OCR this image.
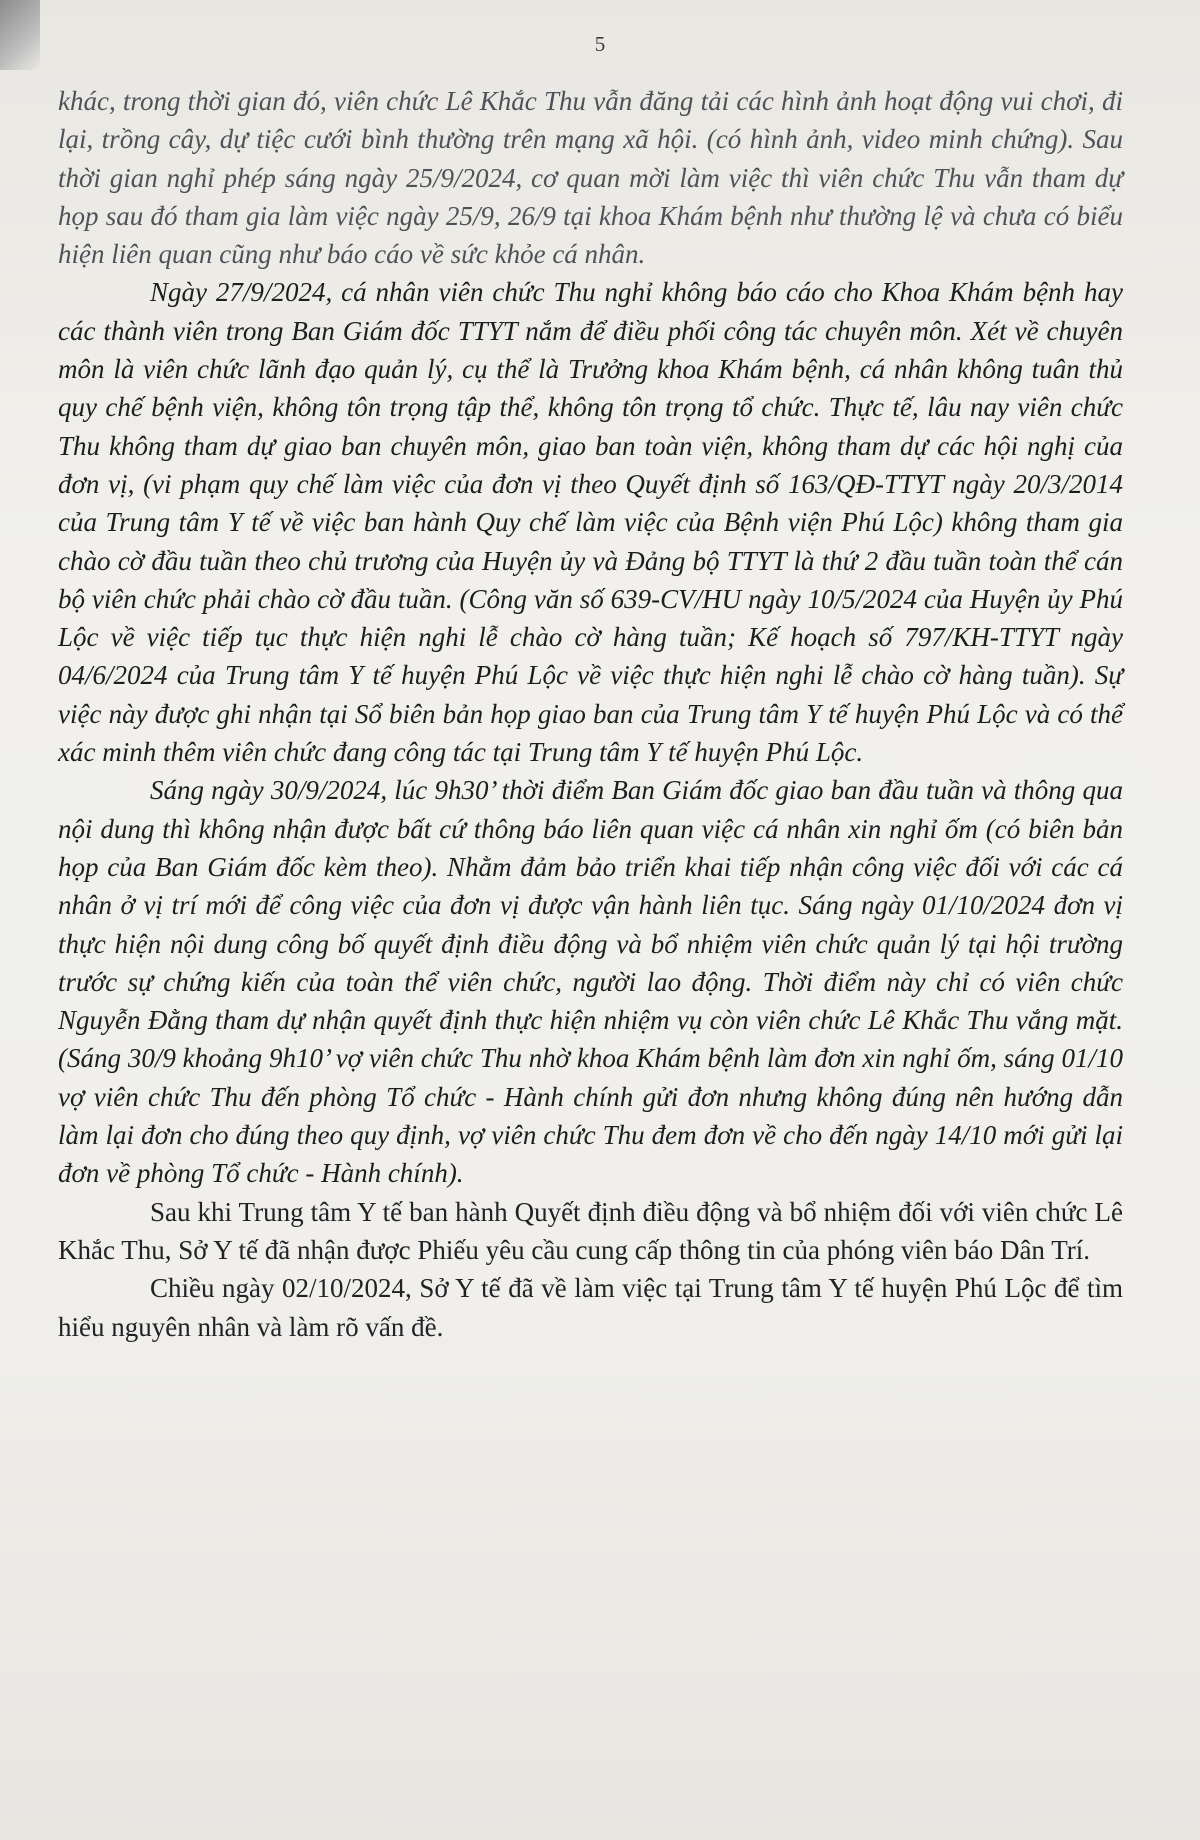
5

khác, trong thời gian đó, viên chức Lê Khắc Thu vẫn đăng tải các hình ảnh hoạt động vui chơi, đi lại, trồng cây, dự tiệc cưới bình thường trên mạng xã hội. (có hình ảnh, video minh chứng). Sau thời gian nghỉ phép sáng ngày 25/9/2024, cơ quan mời làm việc thì viên chức Thu vẫn tham dự họp sau đó tham gia làm việc ngày 25/9, 26/9 tại khoa Khám bệnh như thường lệ và chưa có biểu hiện liên quan cũng như báo cáo về sức khỏe cá nhân.

Ngày 27/9/2024, cá nhân viên chức Thu nghỉ không báo cáo cho Khoa Khám bệnh hay các thành viên trong Ban Giám đốc TTYT nắm để điều phối công tác chuyên môn. Xét về chuyên môn là viên chức lãnh đạo quản lý, cụ thể là Trưởng khoa Khám bệnh, cá nhân không tuân thủ quy chế bệnh viện, không tôn trọng tập thể, không tôn trọng tổ chức. Thực tế, lâu nay viên chức Thu không tham dự giao ban chuyên môn, giao ban toàn viện, không tham dự các hội nghị của đơn vị, (vi phạm quy chế làm việc của đơn vị theo Quyết định số 163/QĐ-TTYT ngày 20/3/2014 của Trung tâm Y tế về việc ban hành Quy chế làm việc của Bệnh viện Phú Lộc) không tham gia chào cờ đầu tuần theo chủ trương của Huyện ủy và Đảng bộ TTYT là thứ 2 đầu tuần toàn thể cán bộ viên chức phải chào cờ đầu tuần. (Công văn số 639-CV/HU ngày 10/5/2024 của Huyện ủy Phú Lộc về việc tiếp tục thực hiện nghi lễ chào cờ hàng tuần; Kế hoạch số 797/KH-TTYT ngày 04/6/2024 của Trung tâm Y tế huyện Phú Lộc về việc thực hiện nghi lễ chào cờ hàng tuần). Sự việc này được ghi nhận tại Sổ biên bản họp giao ban của Trung tâm Y tế huyện Phú Lộc và có thể xác minh thêm viên chức đang công tác tại Trung tâm Y tế huyện Phú Lộc.

Sáng ngày 30/9/2024, lúc 9h30’ thời điểm Ban Giám đốc giao ban đầu tuần và thông qua nội dung thì không nhận được bất cứ thông báo liên quan việc cá nhân xin nghỉ ốm (có biên bản họp của Ban Giám đốc kèm theo). Nhằm đảm bảo triển khai tiếp nhận công việc đối với các cá nhân ở vị trí mới để công việc của đơn vị được vận hành liên tục. Sáng ngày 01/10/2024 đơn vị thực hiện nội dung công bố quyết định điều động và bổ nhiệm viên chức quản lý tại hội trường trước sự chứng kiến của toàn thể viên chức, người lao động. Thời điểm này chỉ có viên chức Nguyễn Đằng tham dự nhận quyết định thực hiện nhiệm vụ còn viên chức Lê Khắc Thu vắng mặt. (Sáng 30/9 khoảng 9h10’ vợ viên chức Thu nhờ khoa Khám bệnh làm đơn xin nghỉ ốm, sáng 01/10 vợ viên chức Thu đến phòng Tổ chức - Hành chính gửi đơn nhưng không đúng nên hướng dẫn làm lại đơn cho đúng theo quy định, vợ viên chức Thu đem đơn về cho đến ngày 14/10 mới gửi lại đơn về phòng Tổ chức - Hành chính).

Sau khi Trung tâm Y tế ban hành Quyết định điều động và bổ nhiệm đối với viên chức Lê Khắc Thu, Sở Y tế đã nhận được Phiếu yêu cầu cung cấp thông tin của phóng viên báo Dân Trí.

Chiều ngày 02/10/2024, Sở Y tế đã về làm việc tại Trung tâm Y tế huyện Phú Lộc để tìm hiểu nguyên nhân và làm rõ vấn đề.
